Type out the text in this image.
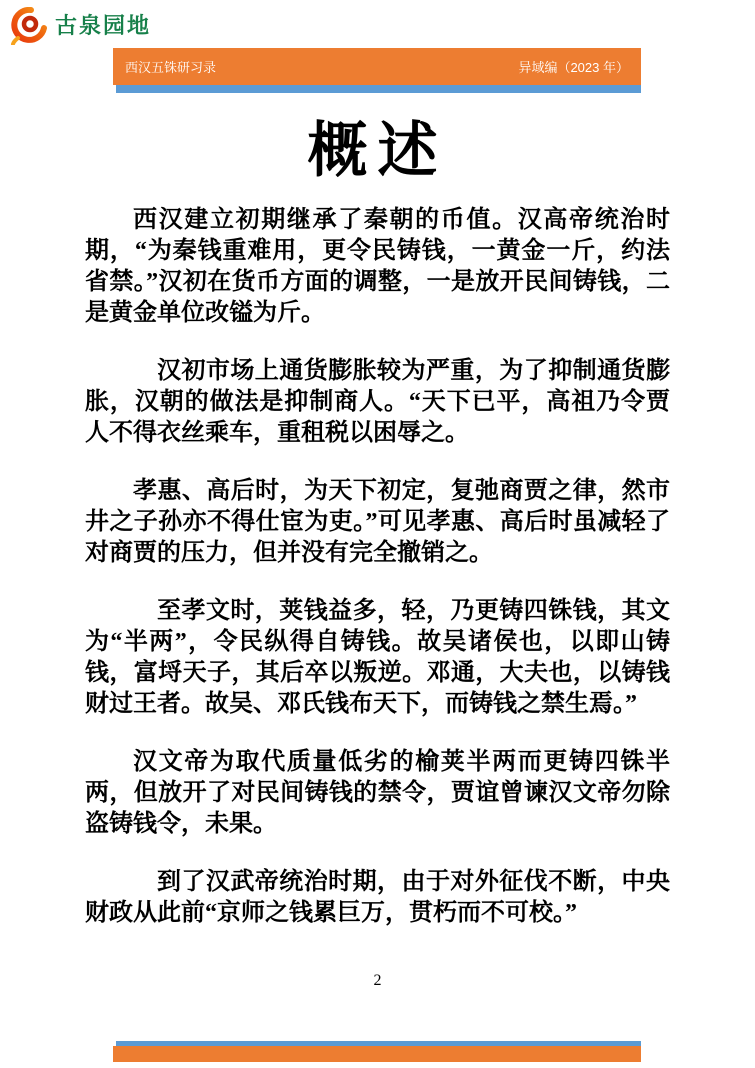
古泉园地
西汉五铢研习录	异域编（2023 年）
概述

西汉建立初期继承了秦朝的币值。汉高帝统治时期，“为秦钱重难用，更令民铸钱，一黄金一斤，约法省禁。”汉初在货币方面的调整，一是放开民间铸钱，二是黄金单位改镒为斤。

汉初市场上通货膨胀较为严重，为了抑制通货膨胀，汉朝的做法是抑制商人。“天下已平，高祖乃令贾人不得衣丝乘车，重租税以困辱之。

孝惠、高后时，为天下初定，复弛商贾之律，然市井之子孙亦不得仕宦为吏。”可见孝惠、高后时虽减轻了对商贾的压力，但并没有完全撤销之。

至孝文时，荚钱益多，轻，乃更铸四铢钱，其文为“半两”，令民纵得自铸钱。故吴诸侯也，以即山铸钱，富埒天子，其后卒以叛逆。邓通，大夫也，以铸钱财过王者。故吴、邓氏钱布天下，而铸钱之禁生焉。”

汉文帝为取代质量低劣的榆荚半两而更铸四铢半两，但放开了对民间铸钱的禁令，贾谊曾谏汉文帝勿除盗铸钱令，未果。

到了汉武帝统治时期，由于对外征伐不断，中央财政从此前“京师之钱累巨万，贯朽而不可校。”

2
